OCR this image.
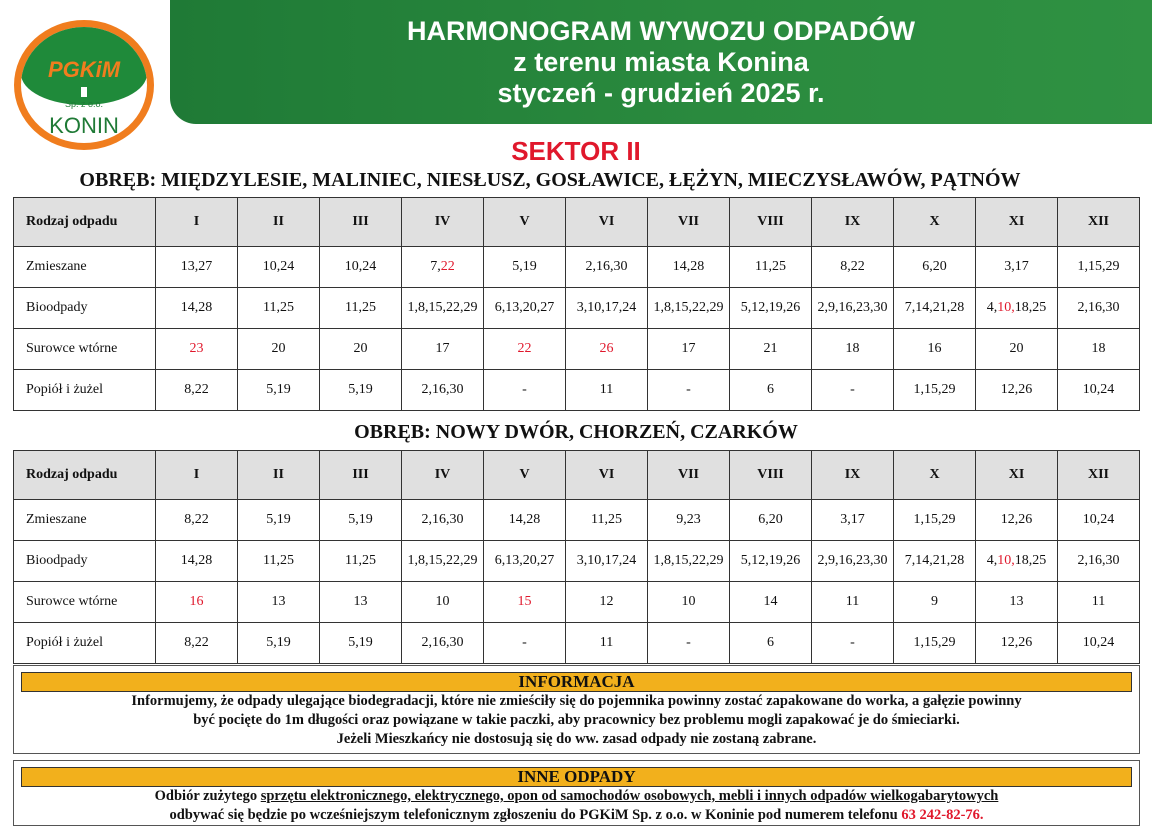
HARMONOGRAM WYWOZU ODPADÓW
z terenu miasta Konina
styczeń - grudzień 2025 r.
PGKiM
Sp. z o.o.
KONIN
SEKTOR II
OBRĘB: MIĘDZYLESIE, MALINIEC, NIESŁUSZ, GOSŁAWICE, ŁĘŻYN, MIECZYSŁAWÓW, PĄTNÓW
Rodzaj odpadu	I	II	III	IV	V	VI	VII	VIII	IX	X	XI	XII
Zmieszane	13,27	10,24	10,24	7,22	5,19	2,16,30	14,28	11,25	8,22	6,20	3,17	1,15,29
Bioodpady	14,28	11,25	11,25	1,8,15,22,29	6,13,20,27	3,10,17,24	1,8,15,22,29	5,12,19,26	2,9,16,23,30	7,14,21,28	4,10,18,25	2,16,30
Surowce wtórne	23	20	20	17	22	26	17	21	18	16	20	18
Popiół i żużel	8,22	5,19	5,19	2,16,30	-	11	-	6	-	1,15,29	12,26	10,24
OBRĘB: NOWY DWÓR, CHORZEŃ, CZARKÓW
Rodzaj odpadu	I	II	III	IV	V	VI	VII	VIII	IX	X	XI	XII
Zmieszane	8,22	5,19	5,19	2,16,30	14,28	11,25	9,23	6,20	3,17	1,15,29	12,26	10,24
Bioodpady	14,28	11,25	11,25	1,8,15,22,29	6,13,20,27	3,10,17,24	1,8,15,22,29	5,12,19,26	2,9,16,23,30	7,14,21,28	4,10,18,25	2,16,30
Surowce wtórne	16	13	13	10	15	12	10	14	11	9	13	11
Popiół i żużel	8,22	5,19	5,19	2,16,30	-	11	-	6	-	1,15,29	12,26	10,24
INFORMACJA
Informujemy, że odpady ulegające biodegradacji, które nie zmieściły się do pojemnika powinny zostać zapakowane do worka, a gałęzie powinny
być pocięte do 1m długości oraz powiązane w takie paczki, aby pracownicy bez problemu mogli zapakować je do śmieciarki.
Jeżeli Mieszkańcy nie dostosują się do ww. zasad odpady nie zostaną zabrane.
INNE ODPADY
Odbiór zużytego sprzętu elektronicznego, elektrycznego, opon od samochodów osobowych, mebli i innych odpadów wielkogabarytowych
odbywać się będzie po wcześniejszym telefonicznym zgłoszeniu do PGKiM Sp. z o.o. w Koninie pod numerem telefonu 63 242-82-76.
